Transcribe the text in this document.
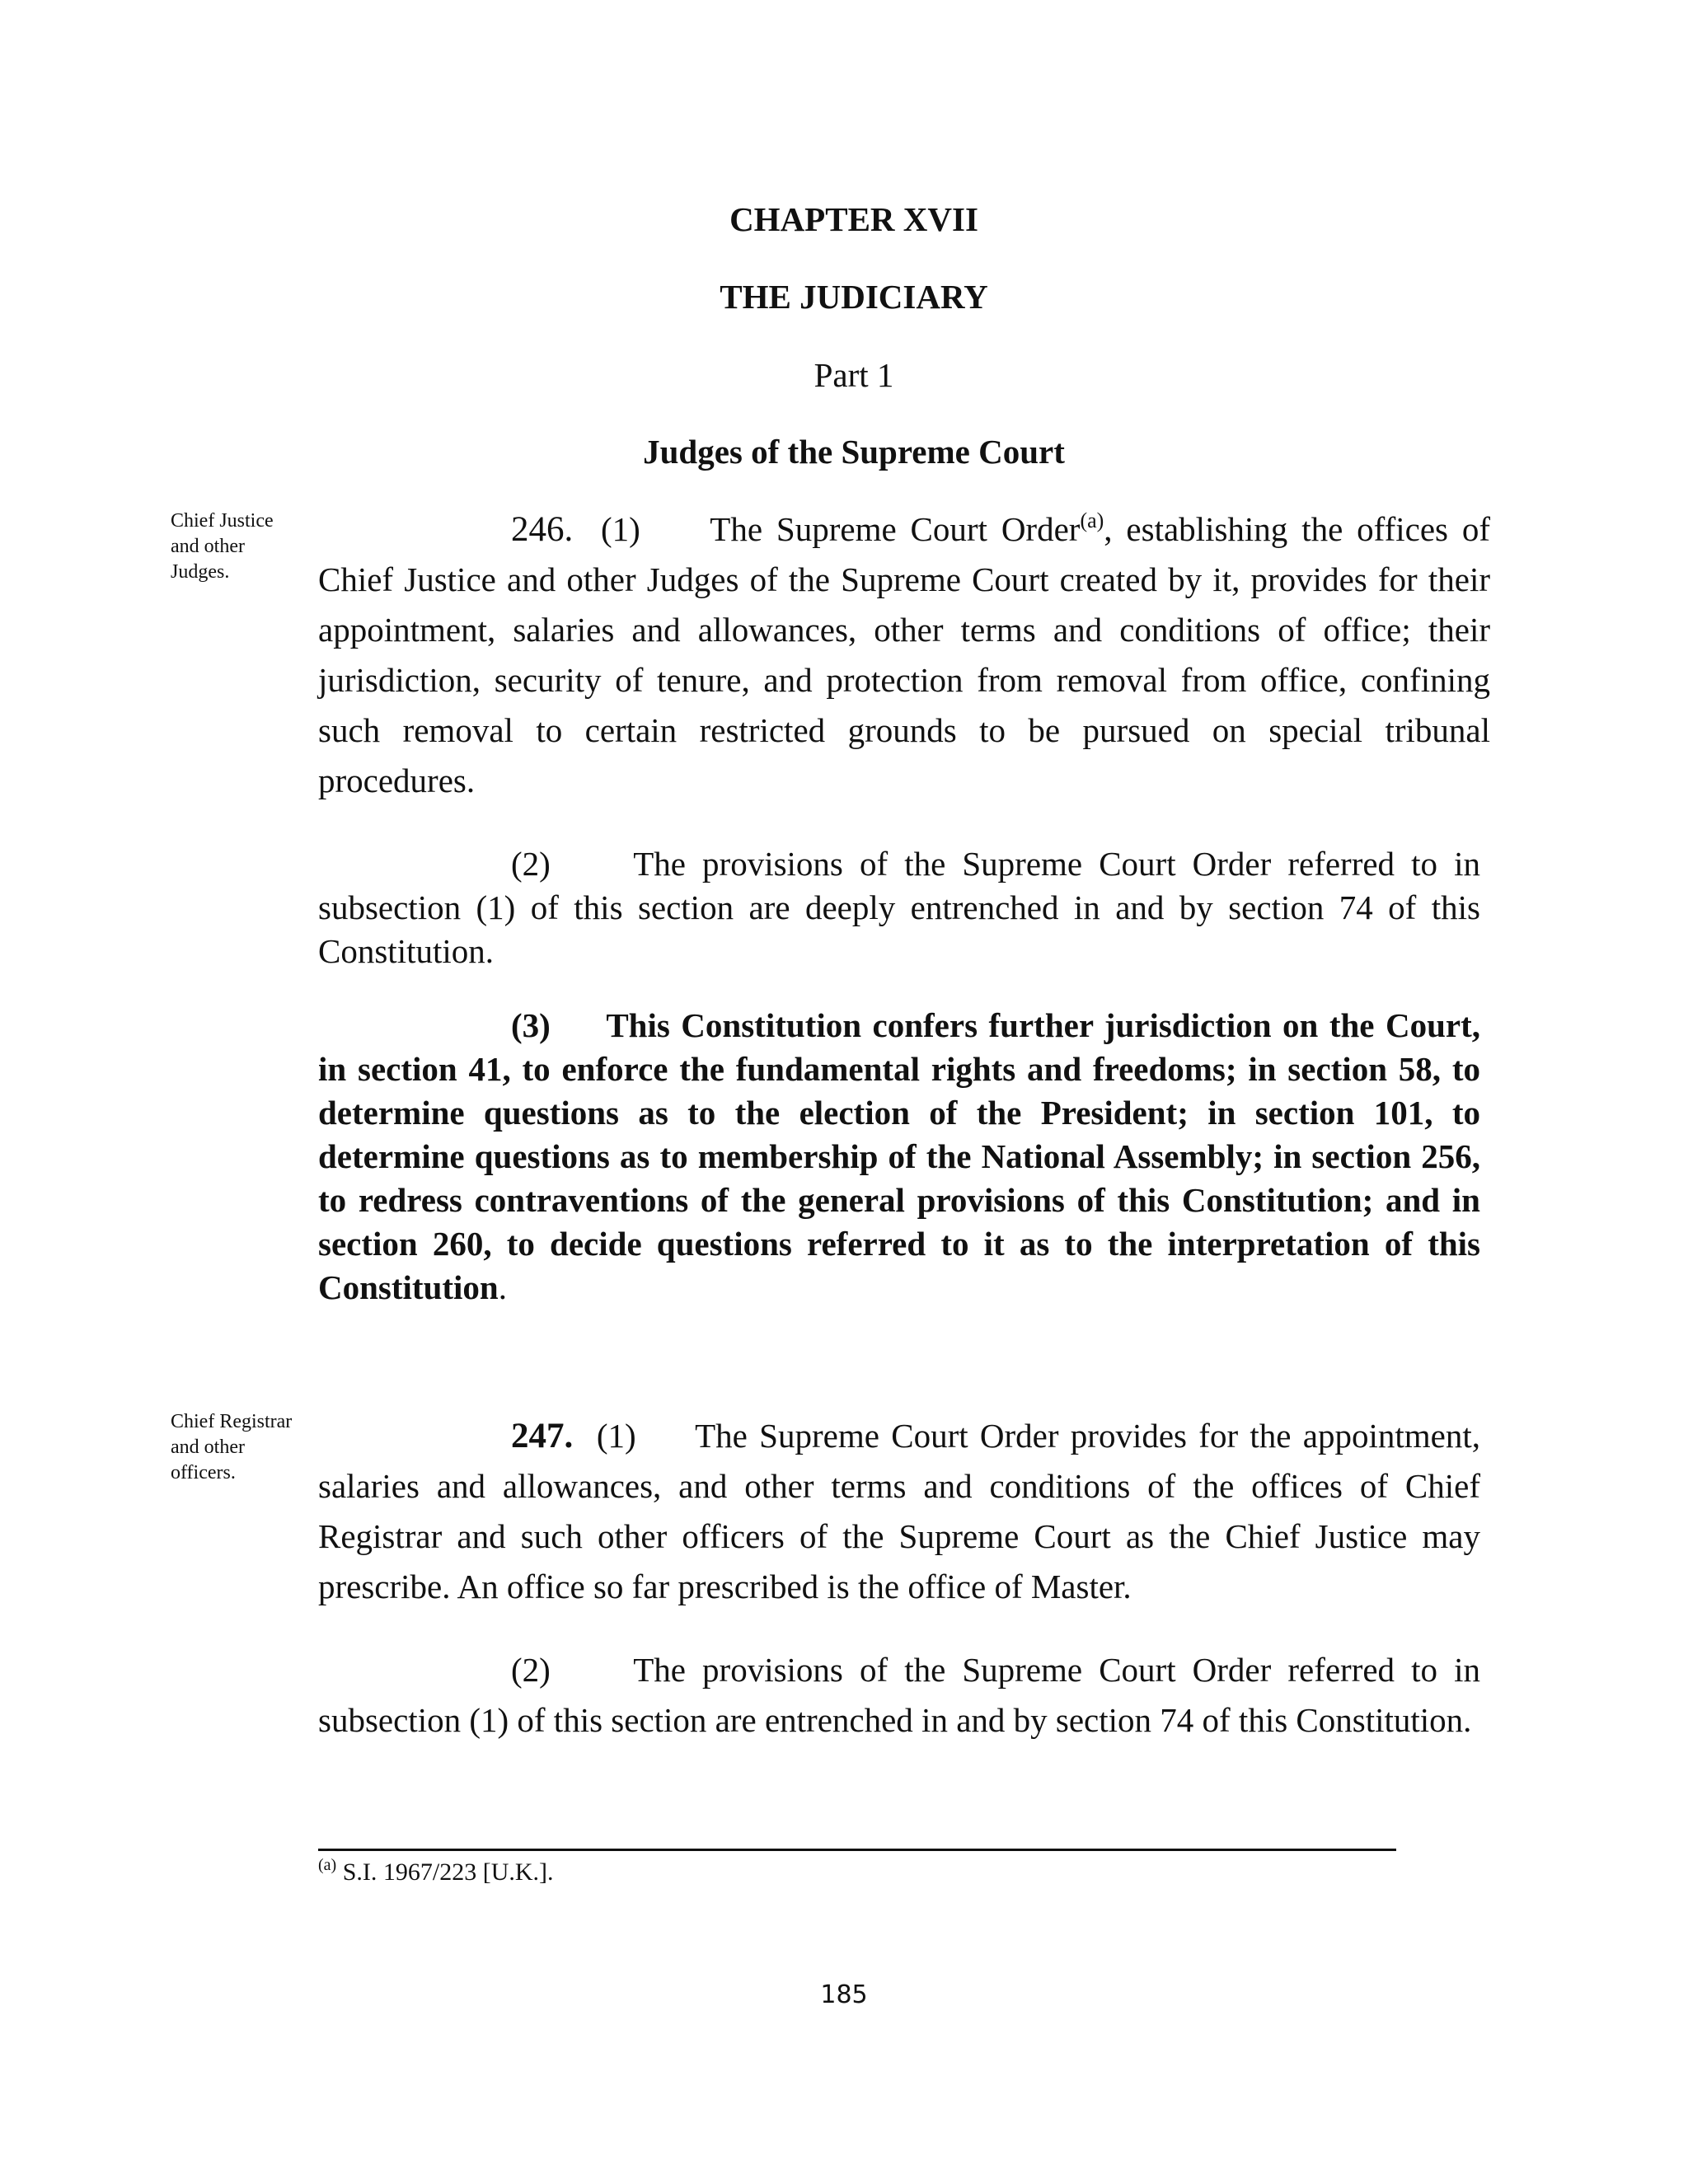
CHAPTER XVII
THE JUDICIARY
Part 1
Judges of the Supreme Court
Chief Justice
and other
Judges.

246. (1) The Supreme Court Order$^{(a)}$, establishing the offices of Chief Justice and other Judges of the Supreme Court created by it, provides for their appointment, salaries and allowances, other terms and conditions of office; their jurisdiction, security of tenure, and protection from removal from office, confining such removal to certain restricted grounds to be pursued on special tribunal procedures.

(2) The provisions of the Supreme Court Order referred to in subsection (1) of this section are deeply entrenched in and by section 74 of this Constitution.

(3) This Constitution confers further jurisdiction on the Court, in section 41, to enforce the fundamental rights and freedoms; in section 58, to determine questions as to the election of the President; in section 101, to determine questions as to membership of the National Assembly; in section 256, to redress contraventions of the general provisions of this Constitution; and in section 260, to decide questions referred to it as to the interpretation of this Constitution.

Chief Registrar
and other
officers.

247. (1) The Supreme Court Order provides for the appointment, salaries and allowances, and other terms and conditions of the offices of Chief Registrar and such other officers of the Supreme Court as the Chief Justice may prescribe. An office so far prescribed is the office of Master.

(2) The provisions of the Supreme Court Order referred to in subsection (1) of this section are entrenched in and by section 74 of this Constitution.

$^{(a)}$ S.I. 1967/223 [U.K.].
185
